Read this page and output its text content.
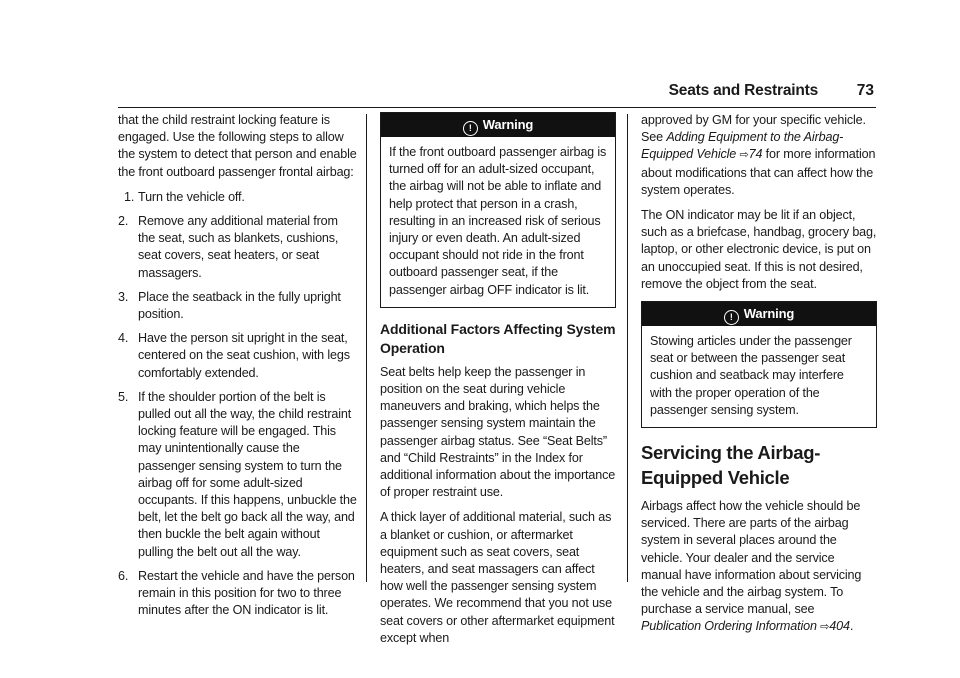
Seats and Restraints	73

that the child restraint locking feature is engaged. Use the following steps to allow the system to detect that person and enable the front outboard passenger frontal airbag:

1. Turn the vehicle off.
2. Remove any additional material from the seat, such as blankets, cushions, seat covers, seat heaters, or seat massagers.
3. Place the seatback in the fully upright position.
4. Have the person sit upright in the seat, centered on the seat cushion, with legs comfortably extended.
5. If the shoulder portion of the belt is pulled out all the way, the child restraint locking feature will be engaged. This may unintentionally cause the passenger sensing system to turn the airbag off for some adult-sized occupants. If this happens, unbuckle the belt, let the belt go back all the way, and then buckle the belt again without pulling the belt out all the way.
6. Restart the vehicle and have the person remain in this position for two to three minutes after the ON indicator is lit.
! Warning
If the front outboard passenger airbag is turned off for an adult-sized occupant, the airbag will not be able to inflate and help protect that person in a crash, resulting in an increased risk of serious injury or even death. An adult-sized occupant should not ride in the front outboard passenger seat, if the passenger airbag OFF indicator is lit.
Additional Factors Affecting System Operation

Seat belts help keep the passenger in position on the seat during vehicle maneuvers and braking, which helps the passenger sensing system maintain the passenger airbag status. See “Seat Belts” and “Child Restraints” in the Index for additional information about the importance of proper restraint use.

A thick layer of additional material, such as a blanket or cushion, or aftermarket equipment such as seat covers, seat heaters, and seat massagers can affect how well the passenger sensing system operates. We recommend that you not use seat covers or other aftermarket equipment except when

approved by GM for your specific vehicle. See Adding Equipment to the Airbag-Equipped Vehicle ⇨74 for more information about modifications that can affect how the system operates.

The ON indicator may be lit if an object, such as a briefcase, handbag, grocery bag, laptop, or other electronic device, is put on an unoccupied seat. If this is not desired, remove the object from the seat.

! Warning
Stowing articles under the passenger seat or between the passenger seat cushion and seatback may interfere with the proper operation of the passenger sensing system.
Servicing the Airbag-Equipped Vehicle

Airbags affect how the vehicle should be serviced. There are parts of the airbag system in several places around the vehicle. Your dealer and the service manual have information about servicing the vehicle and the airbag system. To purchase a service manual, see Publication Ordering Information ⇨404.
